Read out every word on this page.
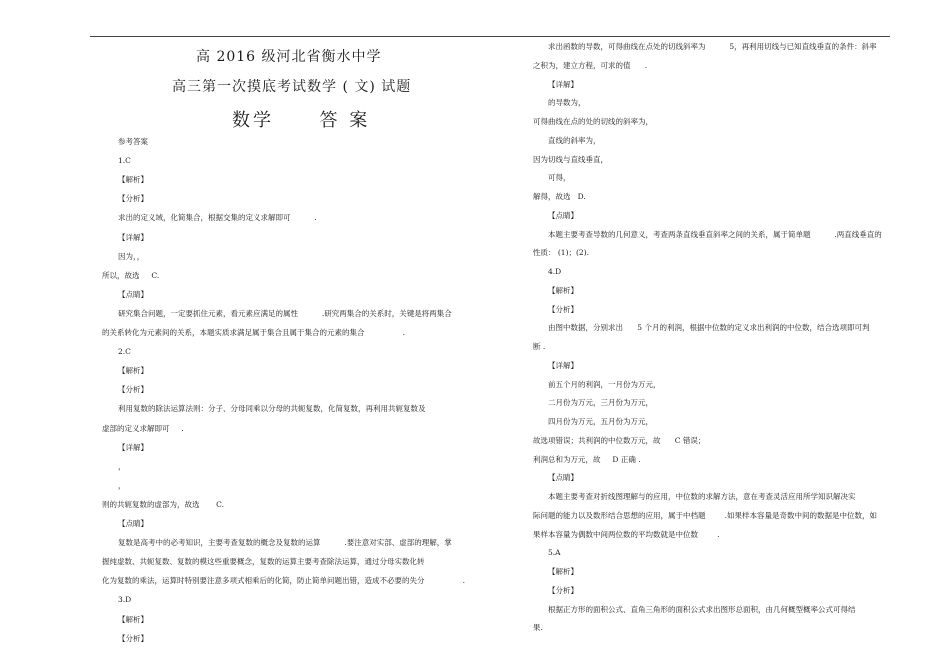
高 2016 级河北省衡水中学
高三第一次摸底考试数学 ( 文) 试题
数学	答 案
参考答案
1.C
【解析】
【分析】
求出的定义域，化简集合，根据交集的定义求解即可          .
【详解】
因为，，
所以，故选     C.
【点睛】
研究集合问题，一定要抓住元素，看元素应满足的属性          .研究两集合的关系时，关键是将两集合
的关系转化为元素间的关系，本题实质求满足属于集合且属于集合的元素的集合                .
2.C
【解析】
【分析】
利用复数的除法运算法则：分子、分母同乘以分母的共轭复数，化简复数，再利用共轭复数及
虚部的定义求解即可     .
【详解】
，
，
则的共轭复数的虚部为，故选       C.
【点睛】
复数是高考中的必考知识，主要考查复数的概念及复数的运算          .要注意对实部、虚部的理解，掌
握纯虚数、共轭复数、复数的模这些重要概念，复数的运算主要考查除法运算，通过分母实数化转
化为复数的乘法，运算时特别要注意多项式相乘后的化简，防止简单问题出错，造成不必要的失分                .
3.D
【解析】
【分析】
求出函数的导数，可得曲线在点处的切线斜率为          5，再利用切线与已知直线垂直的条件：斜率
之积为，建立方程，可求的值      .
【详解】
的导数为，
可得曲线在点的处的切线的斜率为，
直线的斜率为，
因为切线与直线垂直，
可得，
解得，故选   D.
【点睛】
本题主要考查导数的几何意义，考查两条直线垂直斜率之间的关系，属于简单题          .两直线垂直的
性质： (1)；(2).
4.D
【解析】
【分析】
由图中数据，分别求出      5 个月的利润，根据中位数的定义求出利润的中位数，结合选项即可判
断 .
【详解】
前五个月的利润，一月份为万元，
二月份为万元，三月份为万元，
四月份为万元，五月份为万元，
故选项错误；共利润的中位数万元，故      C 错误；
利润总和为万元，故     D 正确 .
【点睛】
本题主要考查对折线图理解与的应用，中位数的求解方法，意在考查灵活应用所学知识解决实
际问题的能力以及数形结合思想的应用，属于中档题        .如果样本容量是奇数中间的数据是中位数，如
果样本容量为偶数中间两位数的平均数就是中位数        .
5.A
【解析】
【分析】
根据正方形的面积公式、直角三角形的面积公式求出图形总面积，由几何概型概率公式可得结
果.
